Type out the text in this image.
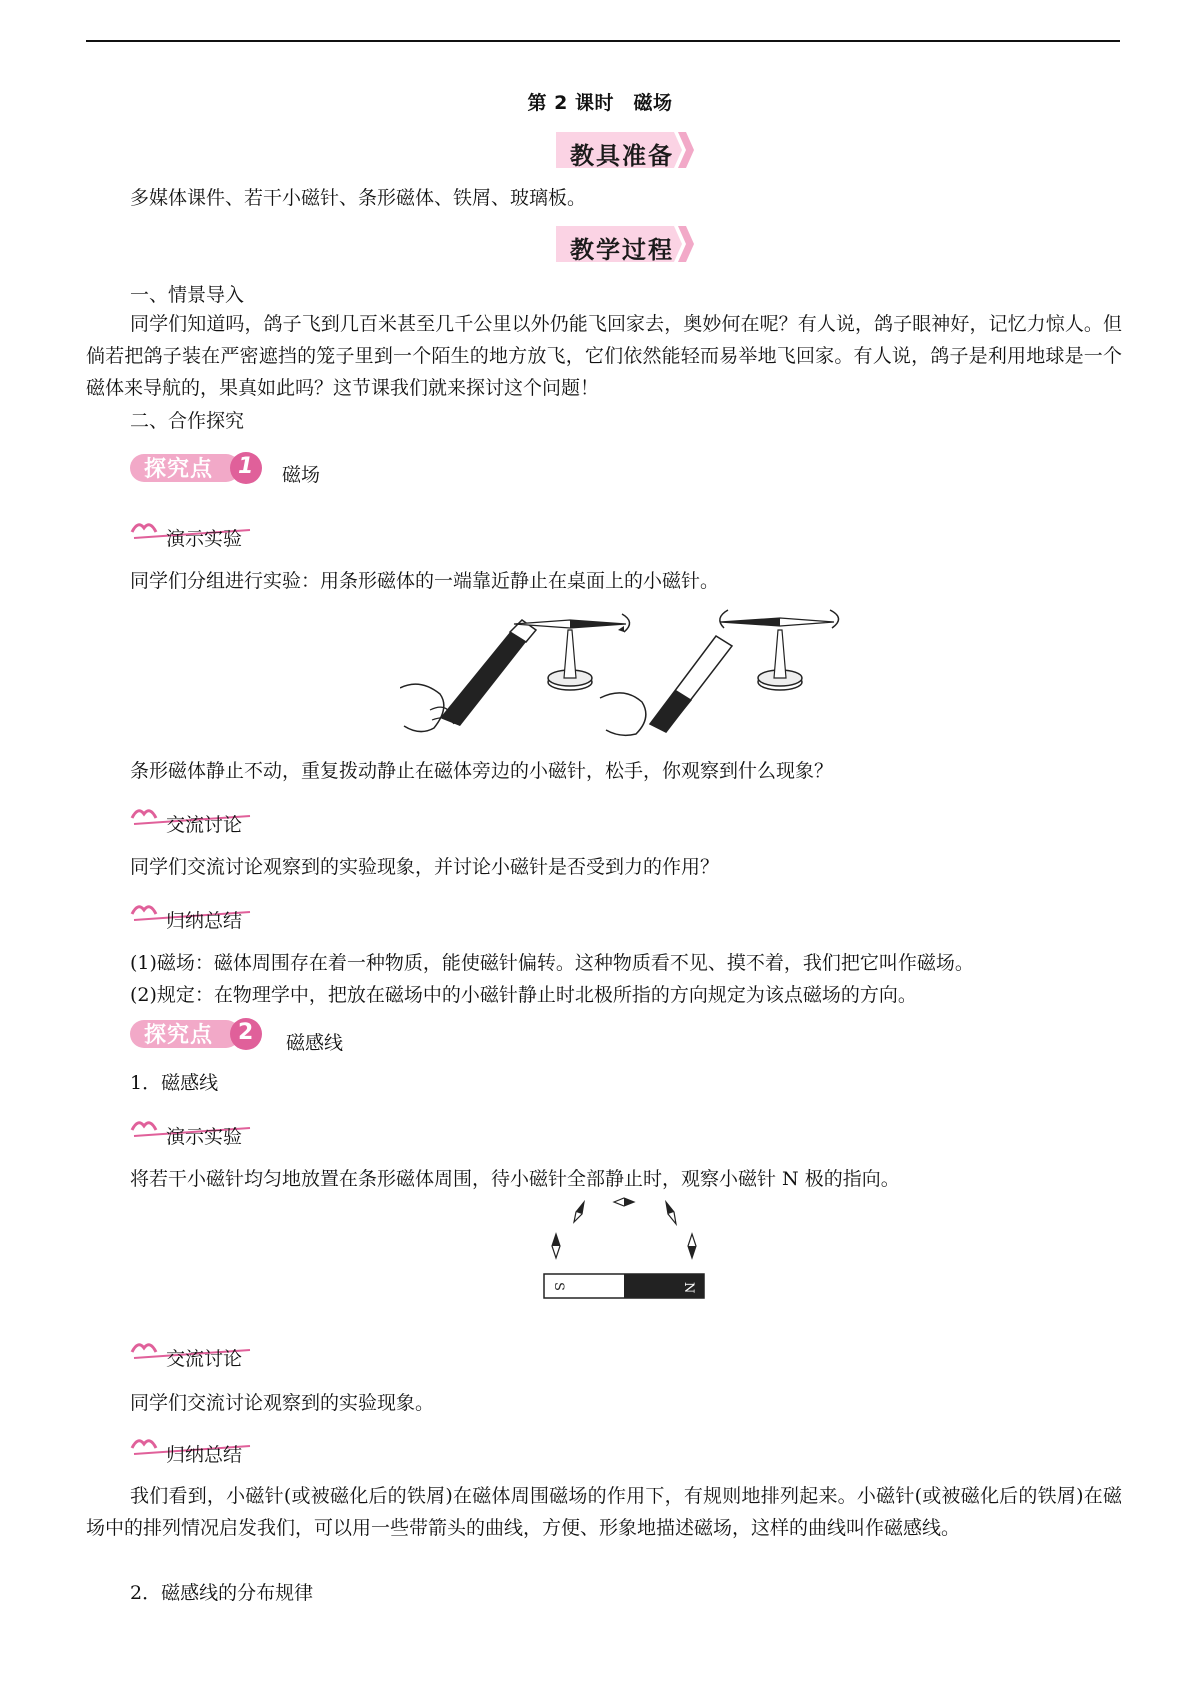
第 2 课时　磁场
教具准备
多媒体课件、若干小磁针、条形磁体、铁屑、玻璃板。
教学过程
一、情景导入
同学们知道吗，鸽子飞到几百米甚至几千公里以外仍能飞回家去，奥妙何在呢？有人说，鸽子眼神好，记忆力惊人。但倘若把鸽子装在严密遮挡的笼子里到一个陌生的地方放飞，它们依然能轻而易举地飞回家。有人说，鸽子是利用地球是一个磁体来导航的，果真如此吗？这节课我们就来探讨这个问题！
二、合作探究
探究点 1 磁场
演示实验
同学们分组进行实验：用条形磁体的一端靠近静止在桌面上的小磁针。
条形磁体静止不动，重复拨动静止在磁体旁边的小磁针，松手，你观察到什么现象？
交流讨论
同学们交流讨论观察到的实验现象，并讨论小磁针是否受到力的作用？
归纳总结
(1)磁场：磁体周围存在着一种物质，能使磁针偏转。这种物质看不见、摸不着，我们把它叫作磁场。
(2)规定：在物理学中，把放在磁场中的小磁针静止时北极所指的方向规定为该点磁场的方向。
探究点 2 磁感线
1．磁感线
演示实验
将若干小磁针均匀地放置在条形磁体周围，待小磁针全部静止时，观察小磁针 N 极的指向。
S	N
交流讨论
同学们交流讨论观察到的实验现象。
归纳总结
我们看到，小磁针(或被磁化后的铁屑)在磁体周围磁场的作用下，有规则地排列起来。小磁针(或被磁化后的铁屑)在磁场中的排列情况启发我们，可以用一些带箭头的曲线，方便、形象地描述磁场，这样的曲线叫作磁感线。
2．磁感线的分布规律
